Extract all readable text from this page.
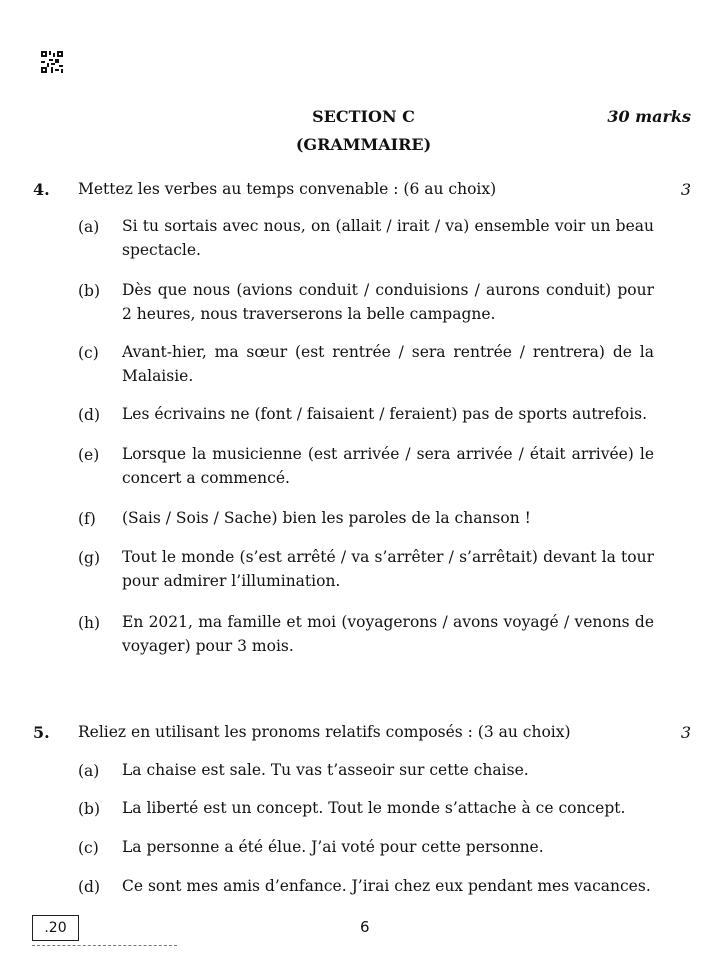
SECTION C	30 marks
(GRAMMAIRE)
4. Mettez les verbes au temps convenable : (6 au choix)	3
(a) Si tu sortais avec nous, on (allait / irait / va) ensemble voir un beau spectacle.
(b) Dès que nous (avions conduit / conduisions / aurons conduit) pour 2 heures, nous traverserons la belle campagne.
(c) Avant-hier, ma sœur (est rentrée / sera rentrée / rentrera) de la Malaisie.
(d) Les écrivains ne (font / faisaient / feraient) pas de sports autrefois.
(e) Lorsque la musicienne (est arrivée / sera arrivée / était arrivée) le concert a commencé.
(f) (Sais / Sois / Sache) bien les paroles de la chanson !
(g) Tout le monde (s’est arrêté / va s’arrêter / s’arrêtait) devant la tour pour admirer l’illumination.
(h) En 2021, ma famille et moi (voyagerons / avons voyagé / venons de voyager) pour 3 mois.
5. Reliez en utilisant les pronoms relatifs composés : (3 au choix)	3
(a) La chaise est sale. Tu vas t’asseoir sur cette chaise.
(b) La liberté est un concept. Tout le monde s’attache à ce concept.
(c) La personne a été élue. J’ai voté pour cette personne.
(d) Ce sont mes amis d’enfance. J’irai chez eux pendant mes vacances.
.20	6
